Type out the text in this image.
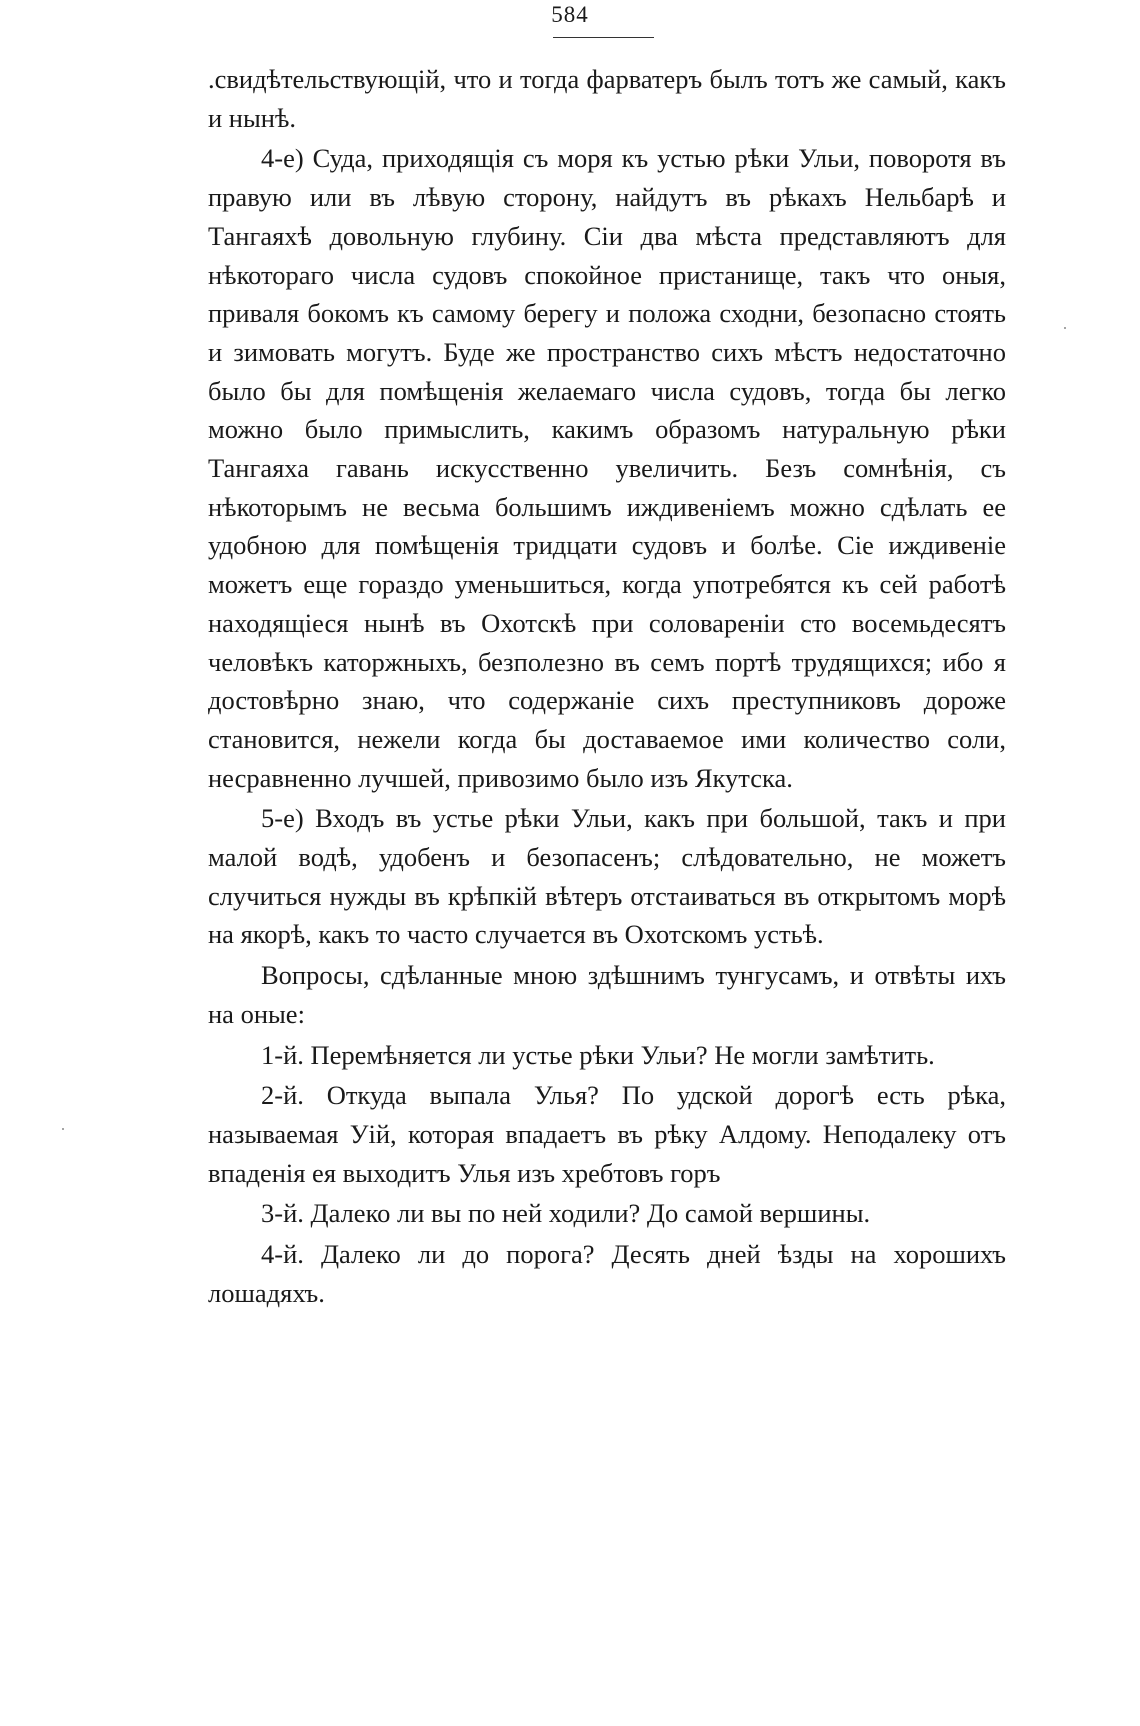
584

.свидѣтельствующій, что и тогда фарватеръ былъ тотъ же самый, какъ и нынѣ.

4-е) Суда, приходящія съ моря къ устью рѣки Ульи, поворотя въ правую или въ лѣвую сторону, найдутъ въ рѣкахъ Нельбарѣ и Тангаяхѣ довольную глубину. Сіи два мѣста представляютъ для нѣкотораго числа судовъ спокойное пристанище, такъ что оныя, приваля бокомъ къ самому берегу и положа сходни, безопасно стоять и зимовать могутъ. Буде же пространство сихъ мѣстъ недостаточно было бы для помѣщенія желаемаго числа судовъ, тогда бы легко можно было примыслить, какимъ образомъ натуральную рѣки Тангаяха гавань искусственно увеличить. Безъ сомнѣнія, съ нѣкоторымъ не весьма большимъ иждивеніемъ можно сдѣлать ее удобною для помѣщенія тридцати судовъ и болѣе. Сіе иждивеніе можетъ еще гораздо уменьшиться, когда употребятся къ сей работѣ находящіеся нынѣ въ Охотскѣ при соловареніи сто восемьдесятъ человѣкъ каторжныхъ, безполезно въ семъ портѣ трудящихся; ибо я достовѣрно знаю, что содержаніе сихъ преступниковъ дороже становится, нежели когда бы доставаемое ими количество соли, несравненно лучшей, привозимо было изъ Якутска.

5-е) Входъ въ устье рѣки Ульи, какъ при большой, такъ и при малой водѣ, удобенъ и безопасенъ; слѣдовательно, не можетъ случиться нужды въ крѣпкій вѣтеръ отстаиваться въ открытомъ морѣ на якорѣ, какъ то часто случается въ Охотскомъ устьѣ.

Вопросы, сдѣланные мною здѣшнимъ тунгусамъ, и отвѣты ихъ на оные:

1-й. Перемѣняется ли устье рѣки Ульи? Не могли замѣтить.

2-й. Откуда выпала Улья? По удской дорогѣ есть рѣка, называемая Уій, которая впадаетъ въ рѣку Алдому. Неподалеку отъ впаденія ея выходитъ Улья изъ хребтовъ горъ

3-й. Далеко ли вы по ней ходили? До самой вершины.

4-й. Далеко ли до порога? Десять дней ѣзды на хорошихъ лошадяхъ.
